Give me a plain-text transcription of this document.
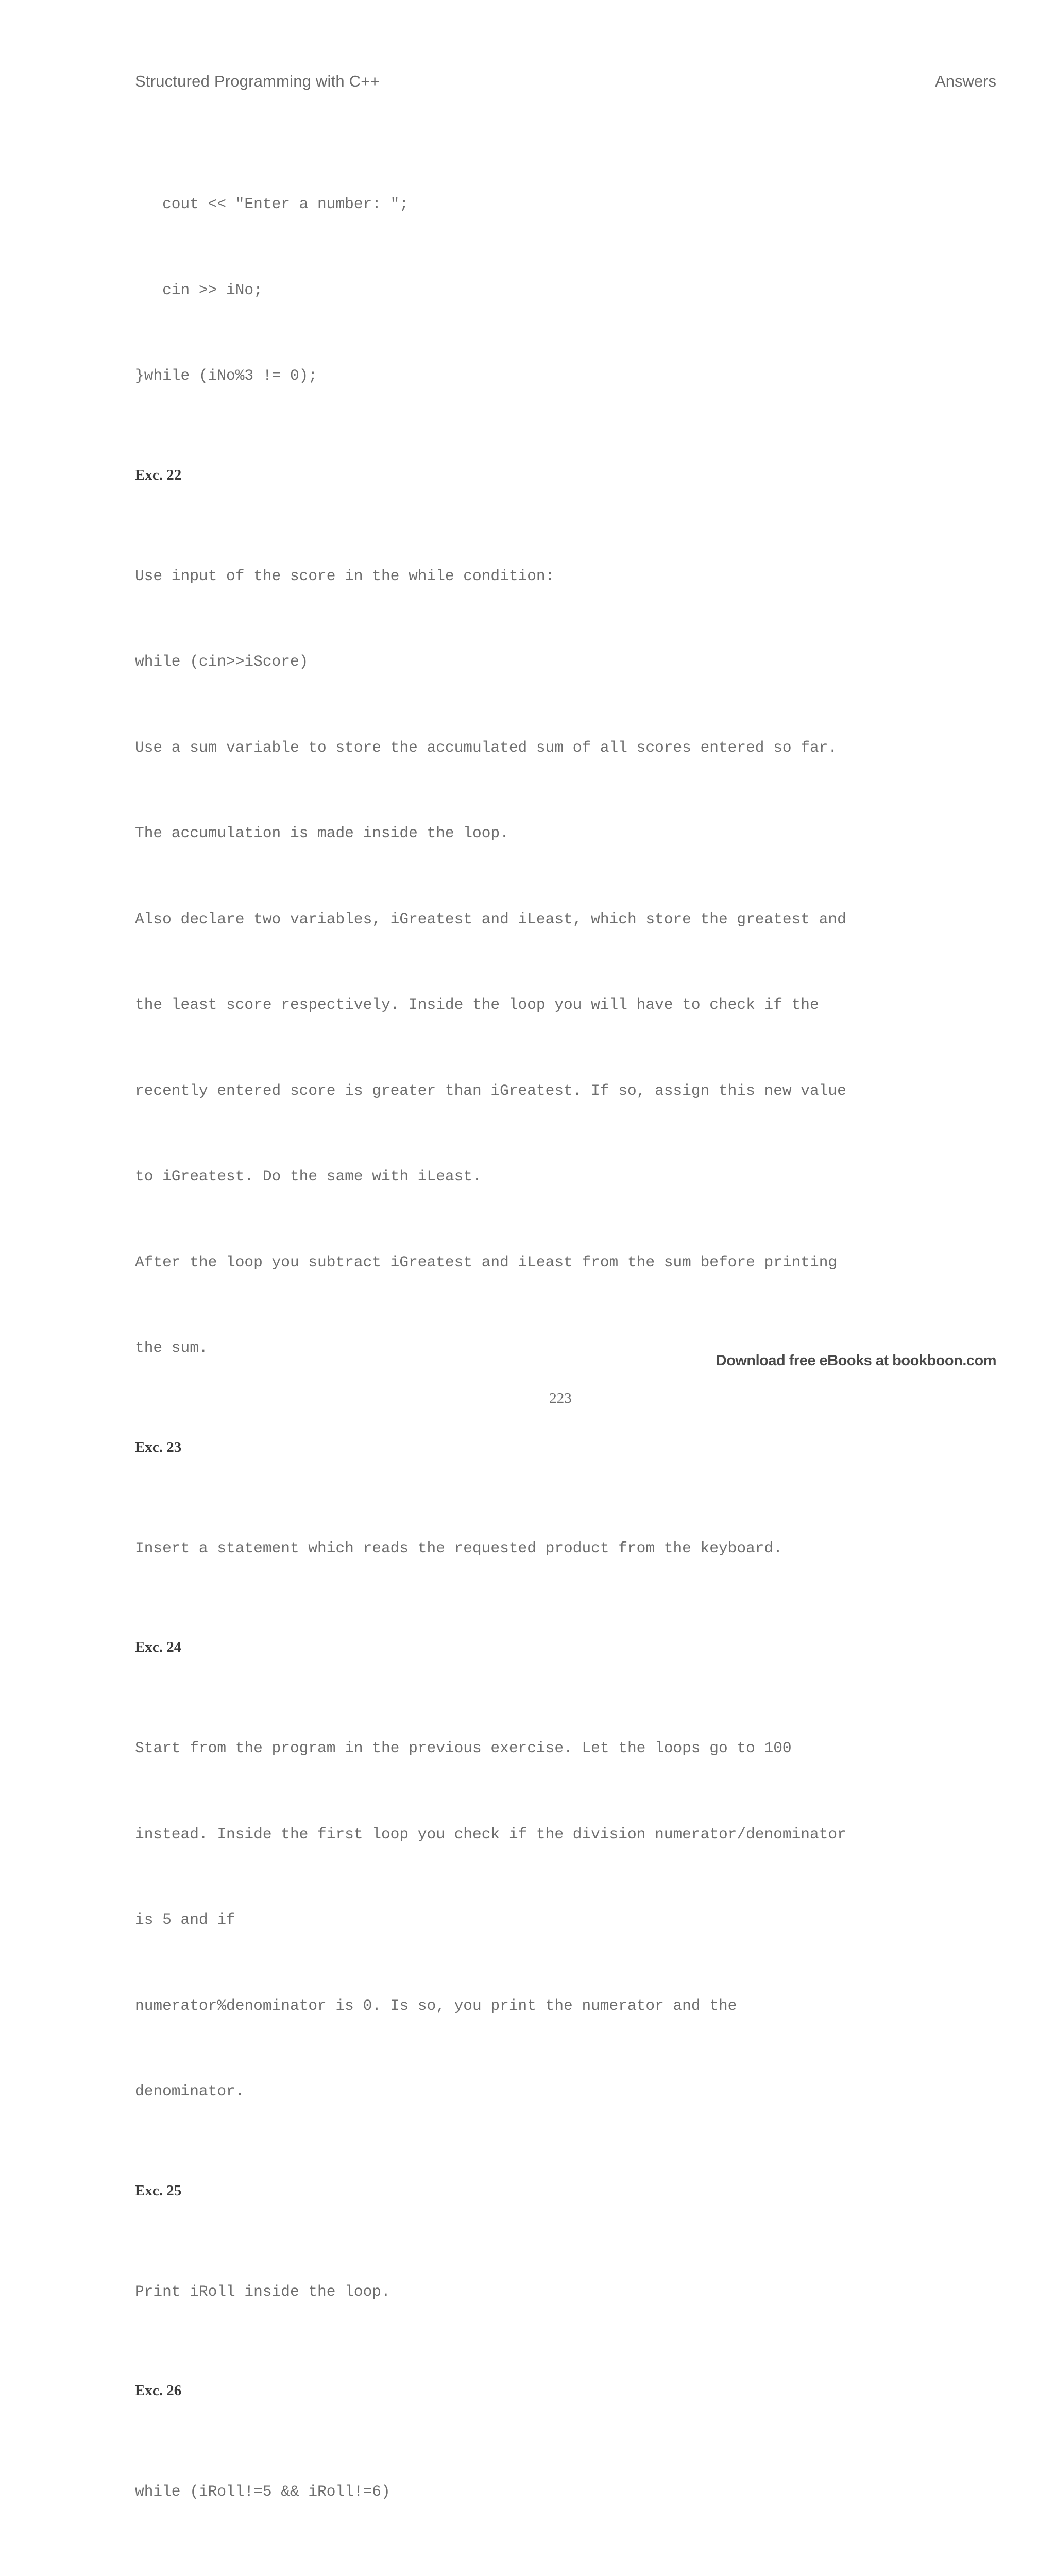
Structured Programming with C++	Answers

cout << "Enter a number: ";

cin >> iNo;

}while (iNo%3 != 0);

Exc. 22

Use input of the score in the while condition:

while (cin>>iScore)

Use a sum variable to store the accumulated sum of all scores entered so far.

The accumulation is made inside the loop.

Also declare two variables, iGreatest and iLeast, which store the greatest and

the least score respectively. Inside the loop you will have to check if the

recently entered score is greater than iGreatest. If so, assign this new value

to iGreatest. Do the same with iLeast.

After the loop you subtract iGreatest and iLeast from the sum before printing

the sum.

Exc. 23

Insert a statement which reads the requested product from the keyboard.

Exc. 24

Start from the program in the previous exercise. Let the loops go to 100

instead. Inside the first loop you check if the division numerator/denominator

is 5 and if

numerator%denominator is 0. Is so, you print the numerator and the

denominator.

Exc. 25

Print iRoll inside the loop.

Exc. 26

while (iRoll!=5 && iRoll!=6)

Download free eBooks at bookboon.com
223
